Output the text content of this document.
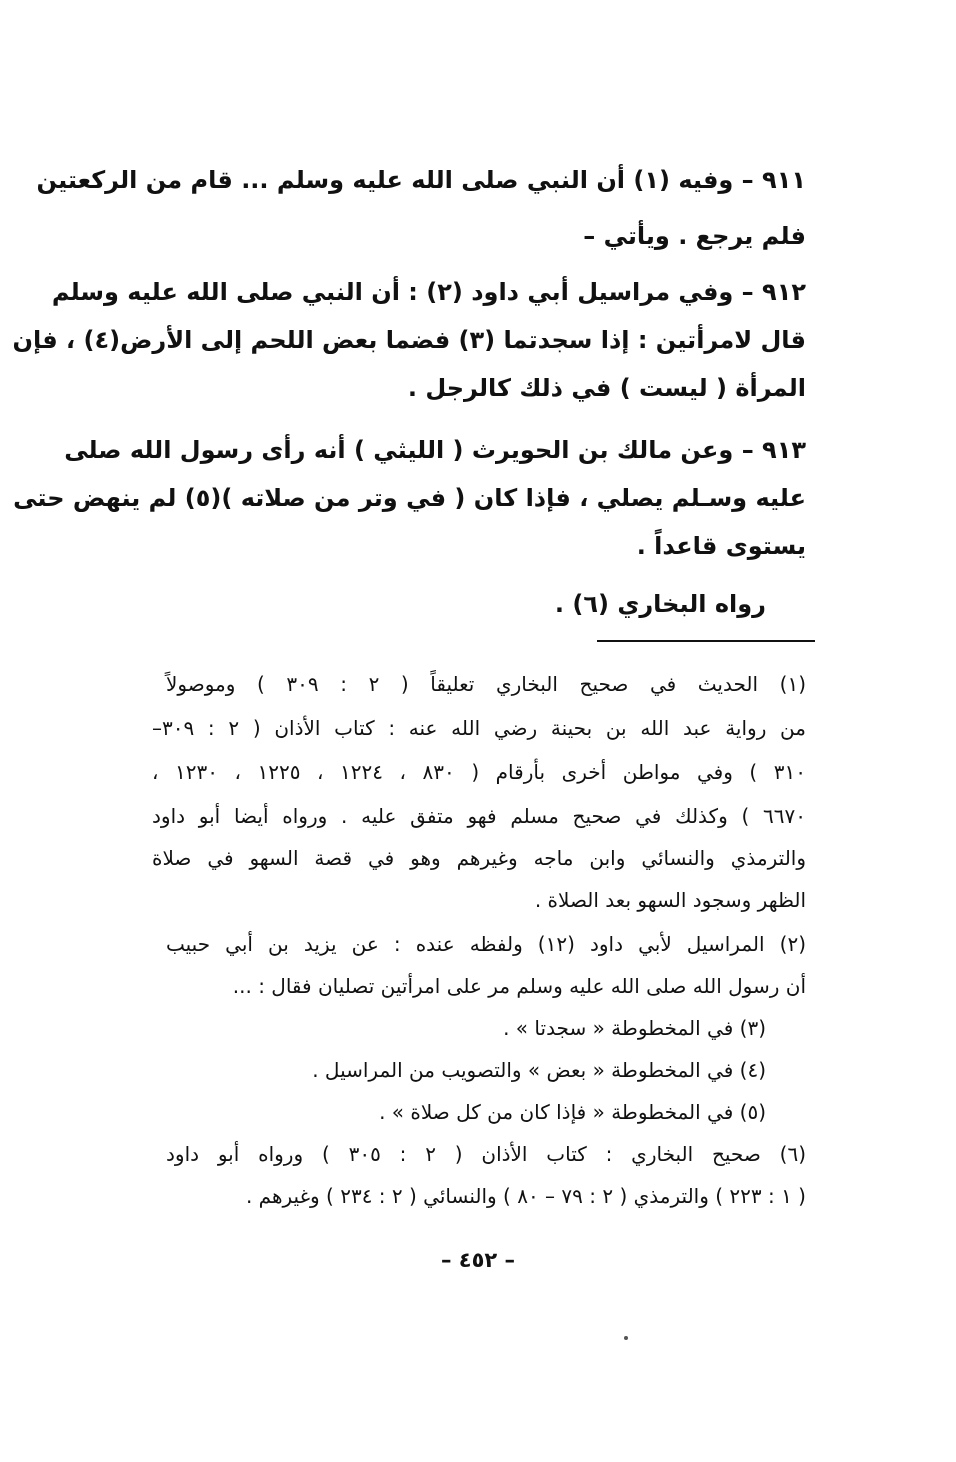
٩١١ – وفيه (١) أن النبي صلى الله عليه وسلم ... قام من الركعتين
فلم يرجع . ويأتي –
٩١٢ – وفي مراسيل أبي داود (٢) : أن النبي صلى الله عليه وسلم
قال لامرأتين : إذا سجدتما (٣) فضما بعض اللحم إلى الأرض(٤) ، فإن
المرأة ( ليست ) في ذلك كالرجل .
٩١٣ – وعن مالك بن الحويرث ( الليثي ) أنه رأى رسول الله صلى
عليه وسـلم يصلي ، فإذا كان ( في وتر من صلاته )(٥) لم ينهض حتى
يستوى قاعداً .
رواه البخاري (٦) .
(١) الحديث في صحيح البخاري تعليقاً ( ٢ : ٣٠٩ ) وموصولاً
من رواية عبد الله بن بحينة رضي الله عنه : كتاب الأذان ( ٢ : ٣٠٩–
٣١٠ ) وفي مواطن أخرى بأرقام ( ٨٣٠ ، ١٢٢٤ ، ١٢٢٥ ، ١٢٣٠ ،
٦٦٧٠ ) وكذلك في صحيح مسلم فهو متفق عليه . ورواه أيضا أبو داود
والترمذي والنسائي وابن ماجه وغيرهم وهو في قصة السهو في صلاة
الظهر وسجود السهو بعد الصلاة .
(٢) المراسيل لأبي داود (١٢) ولفظه عنده : عن يزيد بن أبي حبيب
أن رسول الله صلى الله عليه وسلم مر على امرأتين تصليان فقال : ...
(٣) في المخطوطة « سجدتا » .
(٤) في المخطوطة « بعض » والتصويب من المراسيل .
(٥) في المخطوطة « فإذا كان من كل صلاة » .
(٦) صحيح البخاري : كتاب الأذان ( ٢ : ٣٠٥ ) ورواه أبو داود
( ١ : ٢٢٣ ) والترمذي ( ٢ : ٧٩ – ٨٠ ) والنسائي ( ٢ : ٢٣٤ ) وغيرهم .
– ٤٥٢ –
